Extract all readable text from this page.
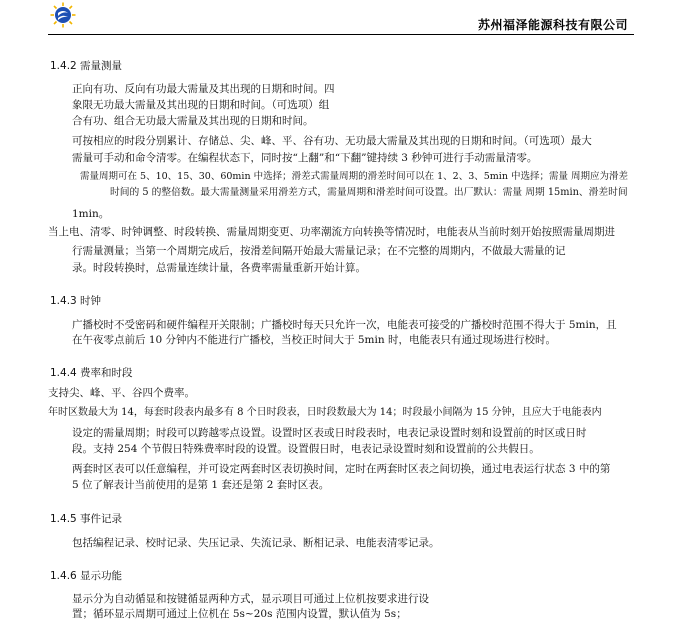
苏州福泽能源科技有限公司
1.4.2 需量测量
正向有功、反向有功最大需量及其出现的日期和时间。四
象限无功最大需量及其出现的日期和时间。（可选项）组
合有功、组合无功最大需量及其出现的日期和时间。
可按相应的时段分别累计、存储总、尖、峰、平、谷有功、无功最大需量及其出现的日期和时间。（可选项）最大
需量可手动和命令清零。在编程状态下，同时按“上翻”和“下翻”键持续 3 秒钟可进行手动需量清零。
需量周期可在 5、10、15、30、60min 中选择；滑差式需量周期的滑差时间可以在 1、2、3、5min 中选择；需量 周期应为滑差
时间的 5 的整倍数。最大需量测量采用滑差方式，需量周期和滑差时间可设置。出厂默认：需量 周期 15min、滑差时间
1min。
当上电、清零、时钟调整、时段转换、需量周期变更、功率潮流方向转换等情况时，电能表从当前时刻开始按照需量周期进
行需量测量；当第一个周期完成后，按滑差间隔开始最大需量记录；在不完整的周期内，不做最大需量的记
录。时段转换时，总需量连续计量，各费率需量重新开始计算。
1.4.3 时钟
广播校时不受密码和硬件编程开关限制；广播校时每天只允许一次，电能表可接受的广播校时范围不得大于 5min，且
在午夜零点前后 10 分钟内不能进行广播校，当校正时间大于 5min 时，电能表只有通过现场进行校时。
1.4.4 费率和时段
支持尖、峰、平、谷四个费率。
年时区数最大为 14，每套时段表内最多有 8 个日时段表，日时段数最大为 14；时段最小间隔为 15 分钟，且应大于电能表内
设定的需量周期；时段可以跨越零点设置。设置时区表或日时段表时，电表记录设置时刻和设置前的时区或日时
段。支持 254 个节假日特殊费率时段的设置。设置假日时，电表记录设置时刻和设置前的公共假日。
两套时区表可以任意编程，并可设定两套时区表切换时间，定时在两套时区表之间切换，通过电表运行状态 3 中的第
5 位了解表计当前使用的是第 1 套还是第 2 套时区表。
1.4.5 事件记录
包括编程记录、校时记录、失压记录、失流记录、断相记录、电能表清零记录。
1.4.6 显示功能
显示分为自动循显和按键循显两种方式，显示项目可通过上位机按要求进行设
置；循环显示周期可通过上位机在 5s~20s 范围内设置，默认值为 5s；
